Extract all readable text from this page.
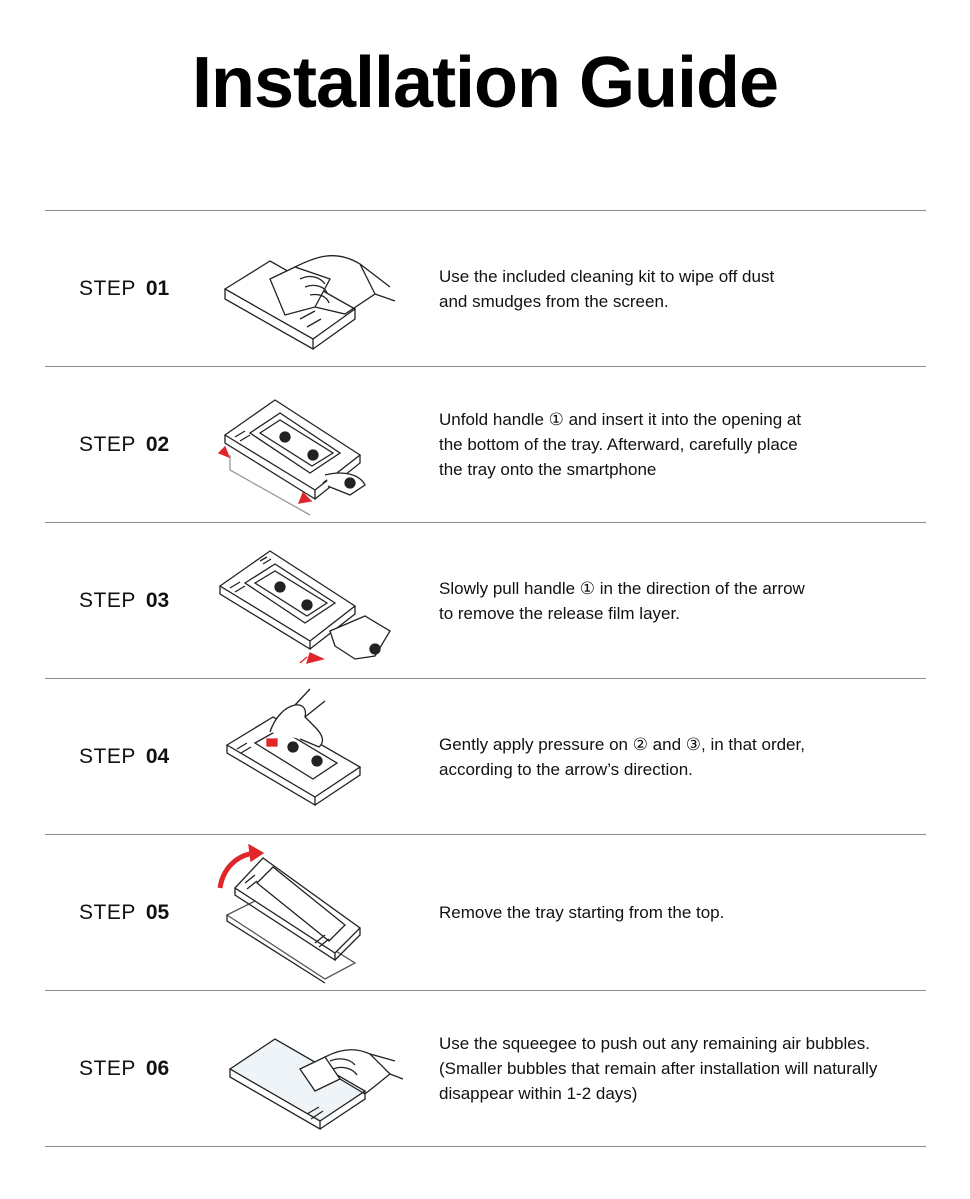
Installation Guide
STEP 01
Use the included cleaning kit to wipe off dust
and smudges from the screen.
STEP 02
Unfold handle ① and insert it into the opening at
the bottom of the tray. Afterward, carefully place
the tray onto the smartphone
STEP 03
Slowly pull handle ① in the direction of the arrow
to remove the release film layer.
STEP 04
Gently apply pressure on ② and ③, in that order,
according to the arrow’s direction.
STEP 05	Remove the tray starting from the top.
STEP 06
Use the squeegee to push out any remaining air bubbles.
(Smaller bubbles that remain after installation will naturally
disappear within 1-2 days)
